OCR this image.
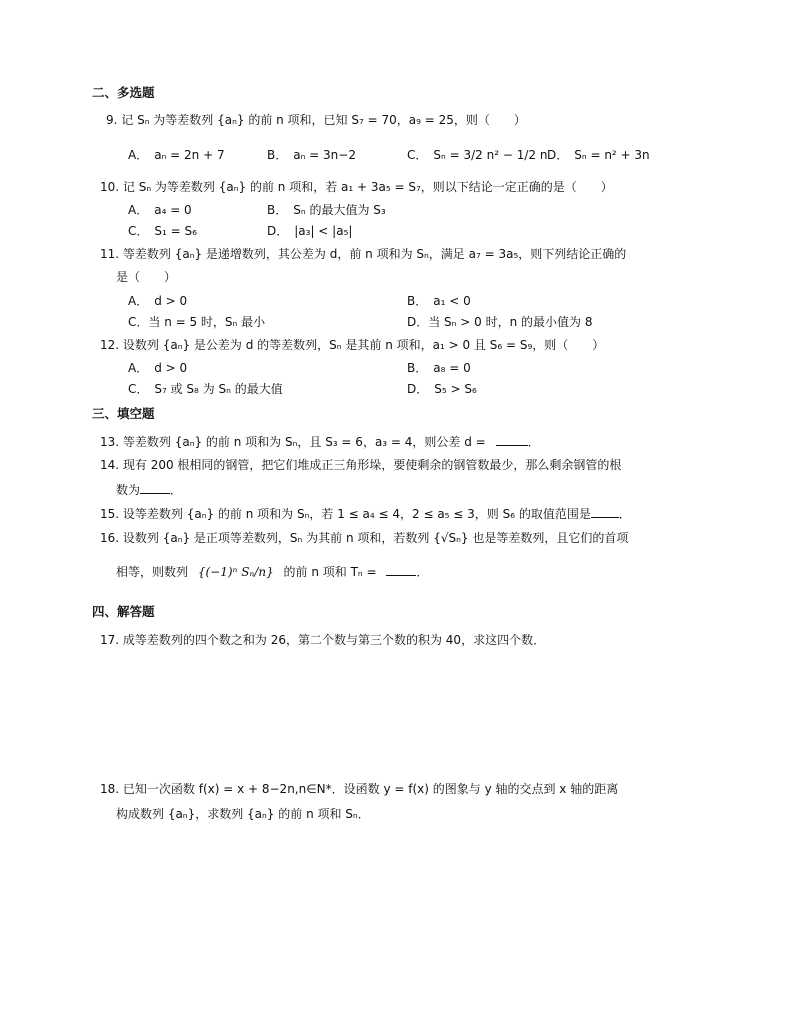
二、多选题
9. 记 Sₙ 为等差数列 {aₙ} 的前 n 项和，已知 S₇ = 70，a₉ = 25，则（　　）
A．　aₙ = 2n + 7	B．　aₙ = 3n−2	C．　Sₙ = 3/2 n² − 1/2 n D．　Sₙ = n² + 3n
10. 记 Sₙ 为等差数列 {aₙ} 的前 n 项和，若 a₁ + 3a₅ = S₇，则以下结论一定正确的是（　　）
A．　a₄ = 0	B．　Sₙ 的最大值为 S₃
C．　S₁ = S₆	D．　|a₃| < |a₅|
11. 等差数列 {aₙ} 是递增数列，其公差为 d，前 n 项和为 Sₙ，满足 a₇ = 3a₅，则下列结论正确的
是（　　）
A．　d > 0	B．　a₁ < 0
C．当 n = 5 时，Sₙ 最小	D．当 Sₙ > 0 时，n 的最小值为 8
12. 设数列 {aₙ} 是公差为 d 的等差数列，Sₙ 是其前 n 项和，a₁ > 0 且 S₆ = S₉，则（　　）
A．　d > 0	B．　a₈ = 0
C．　S₇ 或 S₈ 为 Sₙ 的最大值	D．　S₅ > S₆
三、填空题
13. 等差数列 {aₙ} 的前 n 项和为 Sₙ，且 S₃ = 6，a₃ = 4，则公差 d =	．
14. 现有 200 根相同的钢管，把它们堆成正三角形垛，要使剩余的钢管数最少，那么剩余钢管的根
数为	．
15. 设等差数列 {aₙ} 的前 n 项和为 Sₙ，若 1 ≤ a₄ ≤ 4，2 ≤ a₅ ≤ 3，则 S₆ 的取值范围是 ．
16. 设数列 {aₙ} 是正项等差数列，Sₙ 为其前 n 项和，若数列 {√Sₙ} 也是等差数列，且它们的首项
相等，则数列 {(−1)ⁿ Sₙ/n} 的前 n 项和 Tₙ =	．
四、解答题
17. 成等差数列的四个数之和为 26，第二个数与第三个数的积为 40，求这四个数．
18. 已知一次函数 f(x) = x + 8−2n,n∈N*．设函数 y = f(x) 的图象与 y 轴的交点到 x 轴的距离
构成数列 {aₙ}，求数列 {aₙ} 的前 n 项和 Sₙ．
